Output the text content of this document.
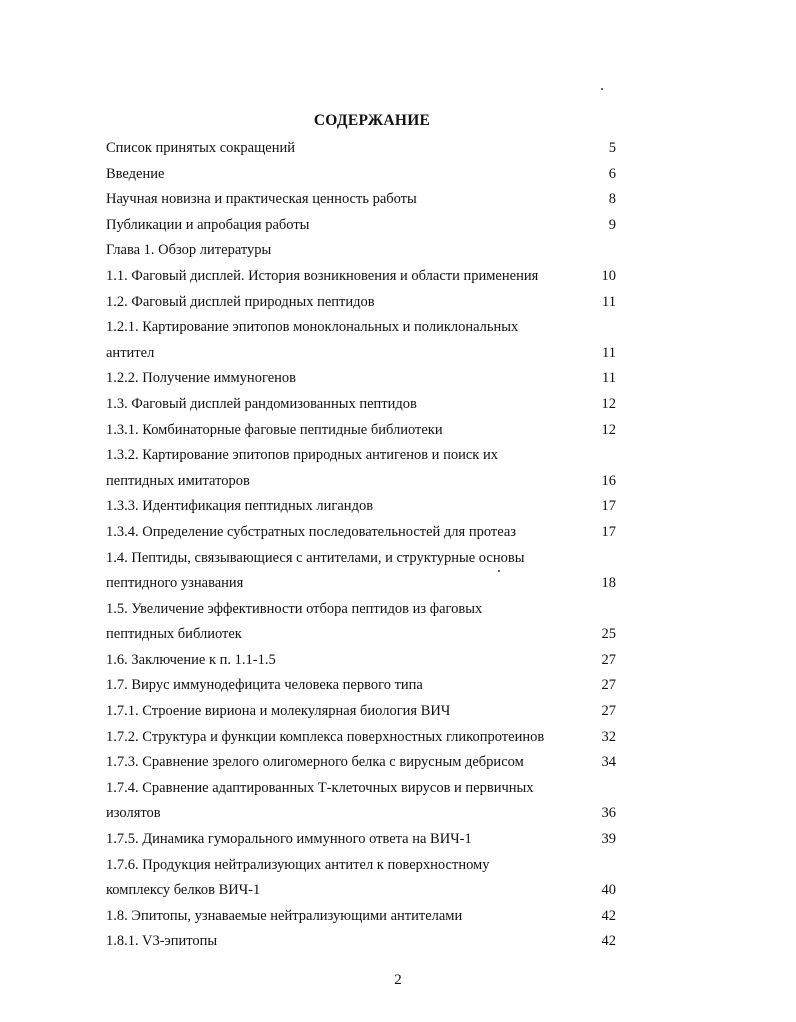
СОДЕРЖАНИЕ
Список принятых сокращений	5
Введение	6
Научная новизна и практическая ценность работы	8
Публикации и апробация работы	9
Глава 1. Обзор литературы
1.1. Фаговый дисплей. История возникновения и области применения	10
1.2. Фаговый дисплей природных пептидов	11
1.2.1. Картирование эпитопов моноклональных и поликлональных
антител	11
1.2.2. Получение иммуногенов	11
1.3. Фаговый дисплей рандомизованных пептидов	12
1.3.1. Комбинаторные фаговые пептидные библиотеки	12
1.3.2. Картирование эпитопов природных антигенов и поиск их
пептидных имитаторов	16
1.3.3. Идентификация пептидных лигандов	17
1.3.4. Определение субстратных последовательностей для протеаз	17
1.4. Пептиды, связывающиеся с антителами, и структурные основы
пептидного узнавания	18
1.5. Увеличение эффективности отбора пептидов из фаговых
пептидных библиотек	25
1.6. Заключение к п. 1.1-1.5	27
1.7. Вирус иммунодефицита человека первого типа	27
1.7.1. Строение вириона и молекулярная биология ВИЧ	27
1.7.2. Структура и функции комплекса поверхностных гликопротеинов	32
1.7.3. Сравнение зрелого олигомерного белка с вирусным дебрисом	34
1.7.4. Сравнение адаптированных Т-клеточных вирусов и первичных
изолятов	36
1.7.5. Динамика гуморального иммунного ответа на ВИЧ-1	39
1.7.6. Продукция нейтрализующих антител к поверхностному
комплексу белков ВИЧ-1	40
1.8. Эпитопы, узнаваемые нейтрализующими антителами	42
1.8.1. V3-эпитопы	42
2
